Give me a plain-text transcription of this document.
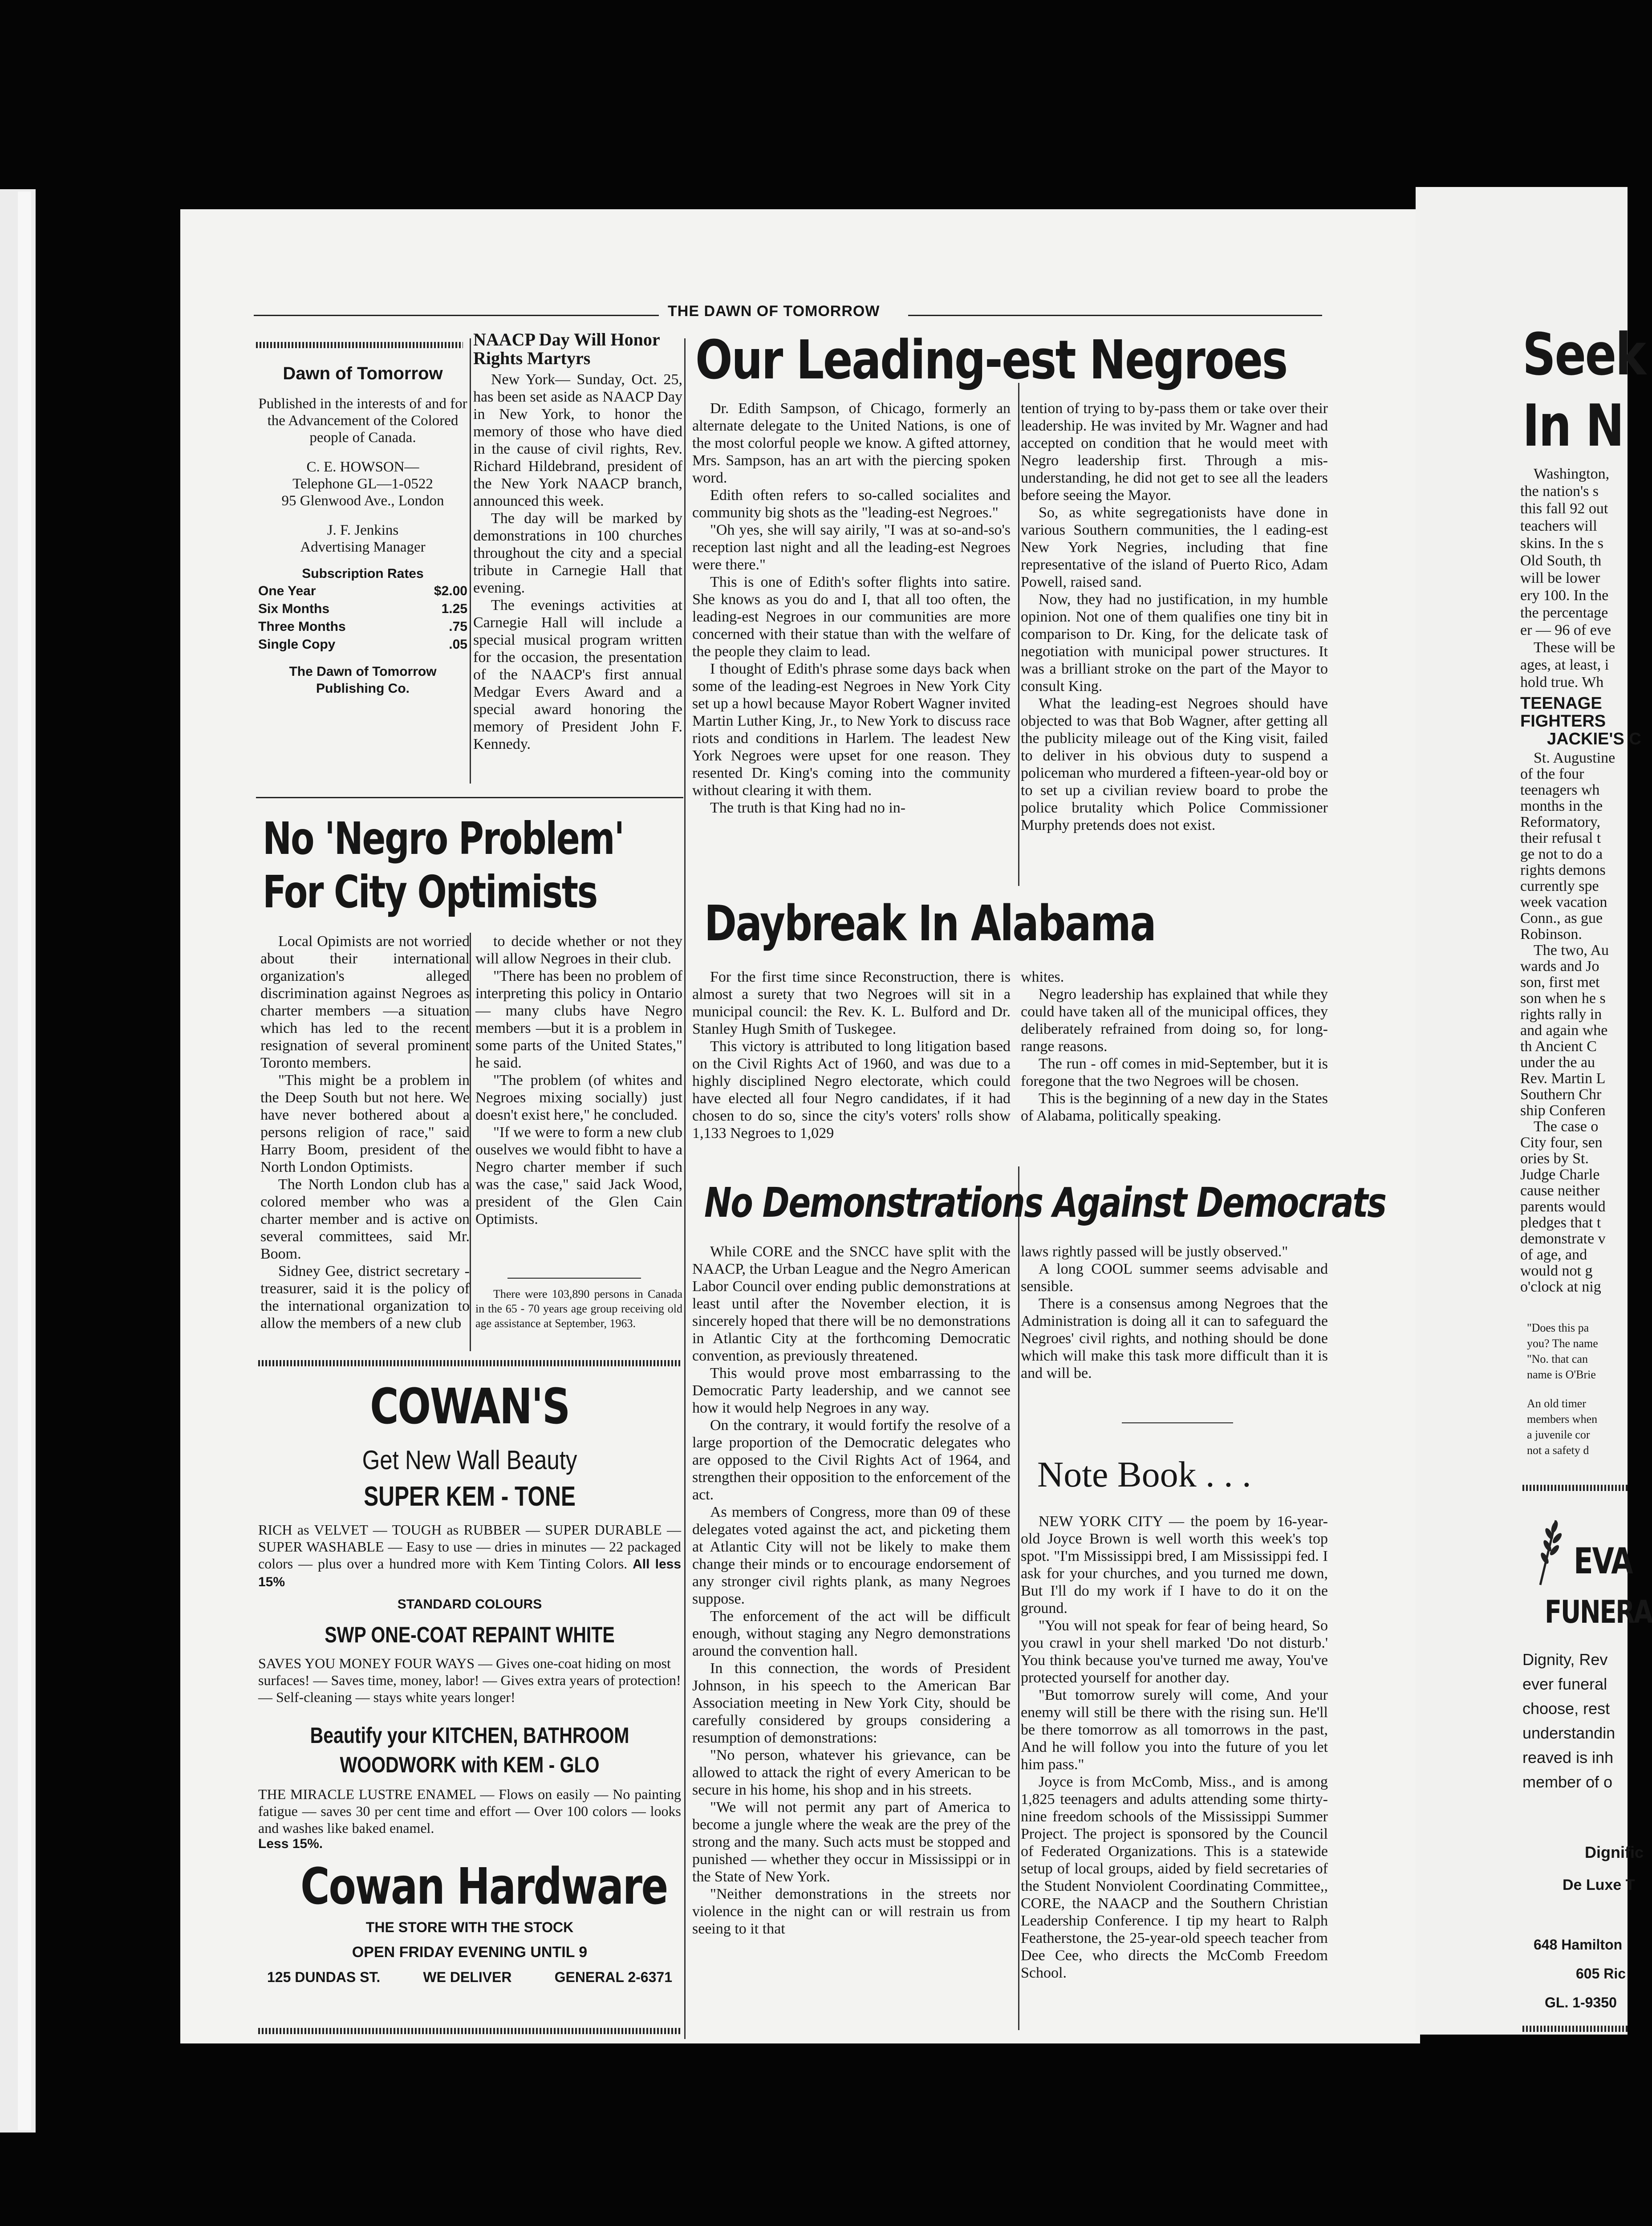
THE DAWN OF TOMORROW
Dawn of Tomorrow
Published in the interests of and for the Advancement of the Colored people of Canada.
C. E. HOWSON—
Telephone GL—1-0522
95 Glenwood Ave., London
J. F. Jenkins
Advertising Manager
Subscription Rates
One Year	$2.00
Six Months	1.25
Three Months	.75
Single Copy	.05
The Dawn of Tomorrow Publishing Co.
NAACP Day Will Honor Rights Martyrs

New York— Sunday, Oct. 25, has been set aside as NAACP Day in New York, to honor the memory of those who have died in the cause of civil rights, Rev. Richard Hildebrand, president of the New York NAACP branch, announced this week.

The day will be marked by demonstrations in 100 churches throughout the city and a special tribute in Carnegie Hall that evening.

The evenings activities at Carnegie Hall will include a special musical program written for the occasion, the presentation of the NAACP's first annual Medgar Evers Award and a special award honoring the memory of President John F. Kennedy.

No 'Negro Problem'
For City Optimists

Local Opimists are not worried about their international organization's alleged discrimination against Negroes as charter members —a situation which has led to the recent resignation of several prominent Toronto members.

"This might be a problem in the Deep South but not here. We have never bothered about a persons religion of race," said Harry Boom, president of the North London Optimists.

The North London club has a colored member who was a charter member and is active on several committees, said Mr. Boom.

Sidney Gee, district secretary - treasurer, said it is the policy of the international organization to allow the members of a new club

to decide whether or not they will allow Negroes in their club.

"There has been no problem of interpreting this policy in Ontario — many clubs have Negro members —but it is a problem in some parts of the United States," he said.

"The problem (of whites and Negroes mixing socially) just doesn't exist here," he concluded.

"If we were to form a new club ouselves we would fibht to have a Negro charter member if such was the case," said Jack Wood, president of the Glen Cain Optimists.

There were 103,890 persons in Canada in the 65 - 70 years age group receiving old age assistance at September, 1963.

Our Leading-est Negroes

Dr. Edith Sampson, of Chicago, formerly an alternate delegate to the United Nations, is one of the most colorful people we know. A gifted attorney, Mrs. Sampson, has an art with the piercing spoken word.

Edith often refers to so-called socialites and community big shots as the "leading-est Negroes."

"Oh yes, she will say airily, "I was at so-and-so's reception last night and all the leading-est Negroes were there."

This is one of Edith's softer flights into satire. She knows as you do and I, that all too often, the leading-est Negroes in our communities are more concerned with their statue than with the welfare of the people they claim to lead.

I thought of Edith's phrase some days back when some of the leading-est Negroes in New York City set up a howl because Mayor Robert Wagner invited Martin Luther King, Jr., to New York to discuss race riots and conditions in Harlem. The leadest New York Negroes were upset for one reason. They resented Dr. King's coming into the community without clearing it with them.

The truth is that King had no in-

tention of trying to by-pass them or take over their leadership. He was invited by Mr. Wagner and had accepted on condition that he would meet with Negro leadership first. Through a mis-understanding, he did not get to see all the leaders before seeing the Mayor.

So, as white segregationists have done in various Southern communities, the l eading-est New York Negries, including that fine representative of the island of Puerto Rico, Adam Powell, raised sand.

Now, they had no justification, in my humble opinion. Not one of them qualifies one tiny bit in comparison to Dr. King, for the delicate task of negotiation with municipal power structures. It was a brilliant stroke on the part of the Mayor to consult King.

What the leading-est Negroes should have objected to was that Bob Wagner, after getting all the publicity mileage out of the King visit, failed to deliver in his obvious duty to suspend a policeman who murdered a fifteen-year-old boy or to set up a civilian review board to probe the police brutality which Police Commissioner Murphy pretends does not exist.

Daybreak In Alabama

For the first time since Reconstruction, there is almost a surety that two Negroes will sit in a municipal council: the Rev. K. L. Bulford and Dr. Stanley Hugh Smith of Tuskegee.

This victory is attributed to long litigation based on the Civil Rights Act of 1960, and was due to a highly disciplined Negro electorate, which could have elected all four Negro candidates, if it had chosen to do so, since the city's voters' rolls show 1,133 Negroes to 1,029

whites.

Negro leadership has explained that while they could have taken all of the municipal offices, they deliberately refrained from doing so, for long-range reasons.

The run - off comes in mid-September, but it is foregone that the two Negroes will be chosen.

This is the beginning of a new day in the States of Alabama, politically speaking.

No Demonstrations Against Democrats

While CORE and the SNCC have split with the NAACP, the Urban League and the Negro American Labor Council over ending public demonstrations at least until after the November election, it is sincerely hoped that there will be no demonstrations in Atlantic City at the forthcoming Democratic convention, as previously threatened.

This would prove most embarrassing to the Democratic Party leadership, and we cannot see how it would help Negroes in any way.

On the contrary, it would fortify the resolve of a large proportion of the Democratic delegates who are opposed to the Civil Rights Act of 1964, and strengthen their opposition to the enforcement of the act.

As members of Congress, more than 09 of these delegates voted against the act, and picketing them at Atlantic City will not be likely to make them change their minds or to encourage endorsement of any stronger civil rights plank, as many Negroes suppose.

The enforcement of the act will be difficult enough, without staging any Negro demonstrations around the convention hall.

In this connection, the words of President Johnson, in his speech to the American Bar Association meeting in New York City, should be carefully considered by groups considering a resumption of demonstrations:

"No person, whatever his grievance, can be allowed to attack the right of every American to be secure in his home, his shop and in his streets.

"We will not permit any part of America to become a jungle where the weak are the prey of the strong and the many. Such acts must be stopped and punished — whether they occur in Mississippi or in the State of New York.

"Neither demonstrations in the streets nor violence in the night can or will restrain us from seeing to it that

laws rightly passed will be justly observed."

A long COOL summer seems advisable and sensible.

There is a consensus among Negroes that the Administration is doing all it can to safeguard the Negroes' civil rights, and nothing should be done which will make this task more difficult than it is and will be.

Note Book . . .

NEW YORK CITY — the poem by 16-year-old Joyce Brown is well worth this week's top spot. "I'm Mississippi bred, I am Mississippi fed. I ask for your churches, and you turned me down, But I'll do my work if I have to do it on the ground.

"You will not speak for fear of being heard, So you crawl in your shell marked 'Do not disturb.' You think because you've turned me away, You've protected yourself for another day.

"But tomorrow surely will come, And your enemy will still be there with the rising sun. He'll be there tomorrow as all tomorrows in the past, And he will follow you into the future of you let him pass."

Joyce is from McComb, Miss., and is among 1,825 teenagers and adults attending some thirty-nine freedom schools of the Mississippi Summer Project. The project is sponsored by the Council of Federated Organizations. This is a statewide setup of local groups, aided by field secretaries of the Student Nonviolent Coordinating Committee,, CORE, the NAACP and the Southern Christian Leadership Conference. I tip my heart to Ralph Featherstone, the 25-year-old speech teacher from Dee Cee, who directs the McComb Freedom School.

COWAN'S
Get New Wall Beauty
SUPER KEM - TONE
RICH as VELVET — TOUGH as RUBBER — SUPER DURABLE — SUPER WASHABLE — Easy to use — dries in minutes — 22 packaged colors — plus over a hundred more with Kem Tinting Colors. All less 15%
STANDARD COLOURS
SWP ONE-COAT REPAINT WHITE
SAVES YOU MONEY FOUR WAYS — Gives one-coat hiding on most surfaces! — Saves time, money, labor! — Gives extra years of protection! — Self-cleaning — stays white years longer!
Beautify your KITCHEN, BATHROOM
WOODWORK with KEM - GLO
THE MIRACLE LUSTRE ENAMEL — Flows on easily — No painting fatigue — saves 30 per cent time and effort — Over 100 colors — looks and washes like baked enamel.
Less 15%.
Cowan Hardware
THE STORE WITH THE STOCK
OPEN FRIDAY EVENING UNTIL 9
125 DUNDAS ST.	WE DELIVER	GENERAL 2-6371
Seek
In N
Washington,
the nation's s
this fall 92 out
teachers will
skins. In the s
Old South, th
will be lower
ery 100. In the
the percentage
er — 96 of eve
These will be
ages, at least, i
hold true. Wh
TEENAGE
FIGHTERS
JACKIE'S C
St. Augustine
of the four
teenagers wh
months in the
Reformatory,
their refusal t
ge not to do a
rights demons
currently spe
week vacation
Conn., as gue
Robinson.
The two, Au
wards and Jo
son, first met
son when he s
rights rally in
and again whe
th Ancient C
under the au
Rev. Martin L
Southern Chr
ship Conferen
The case o
City four, sen
ories by St.
Judge Charle
cause neither
parents would
pledges that t
demonstrate v
of age, and
would not g
o'clock at nig
"Does this pa
you? The name
"No. that can
name is O'Brie
An old timer
members when
a juvenile cor
not a safety d
EVA
FUNERA
Dignity, Rev
ever funeral
choose, rest
understandin
reaved is inh
member of o
Dignific
De Luxe T
648 Hamilton
605 Ric
GL. 1-9350
